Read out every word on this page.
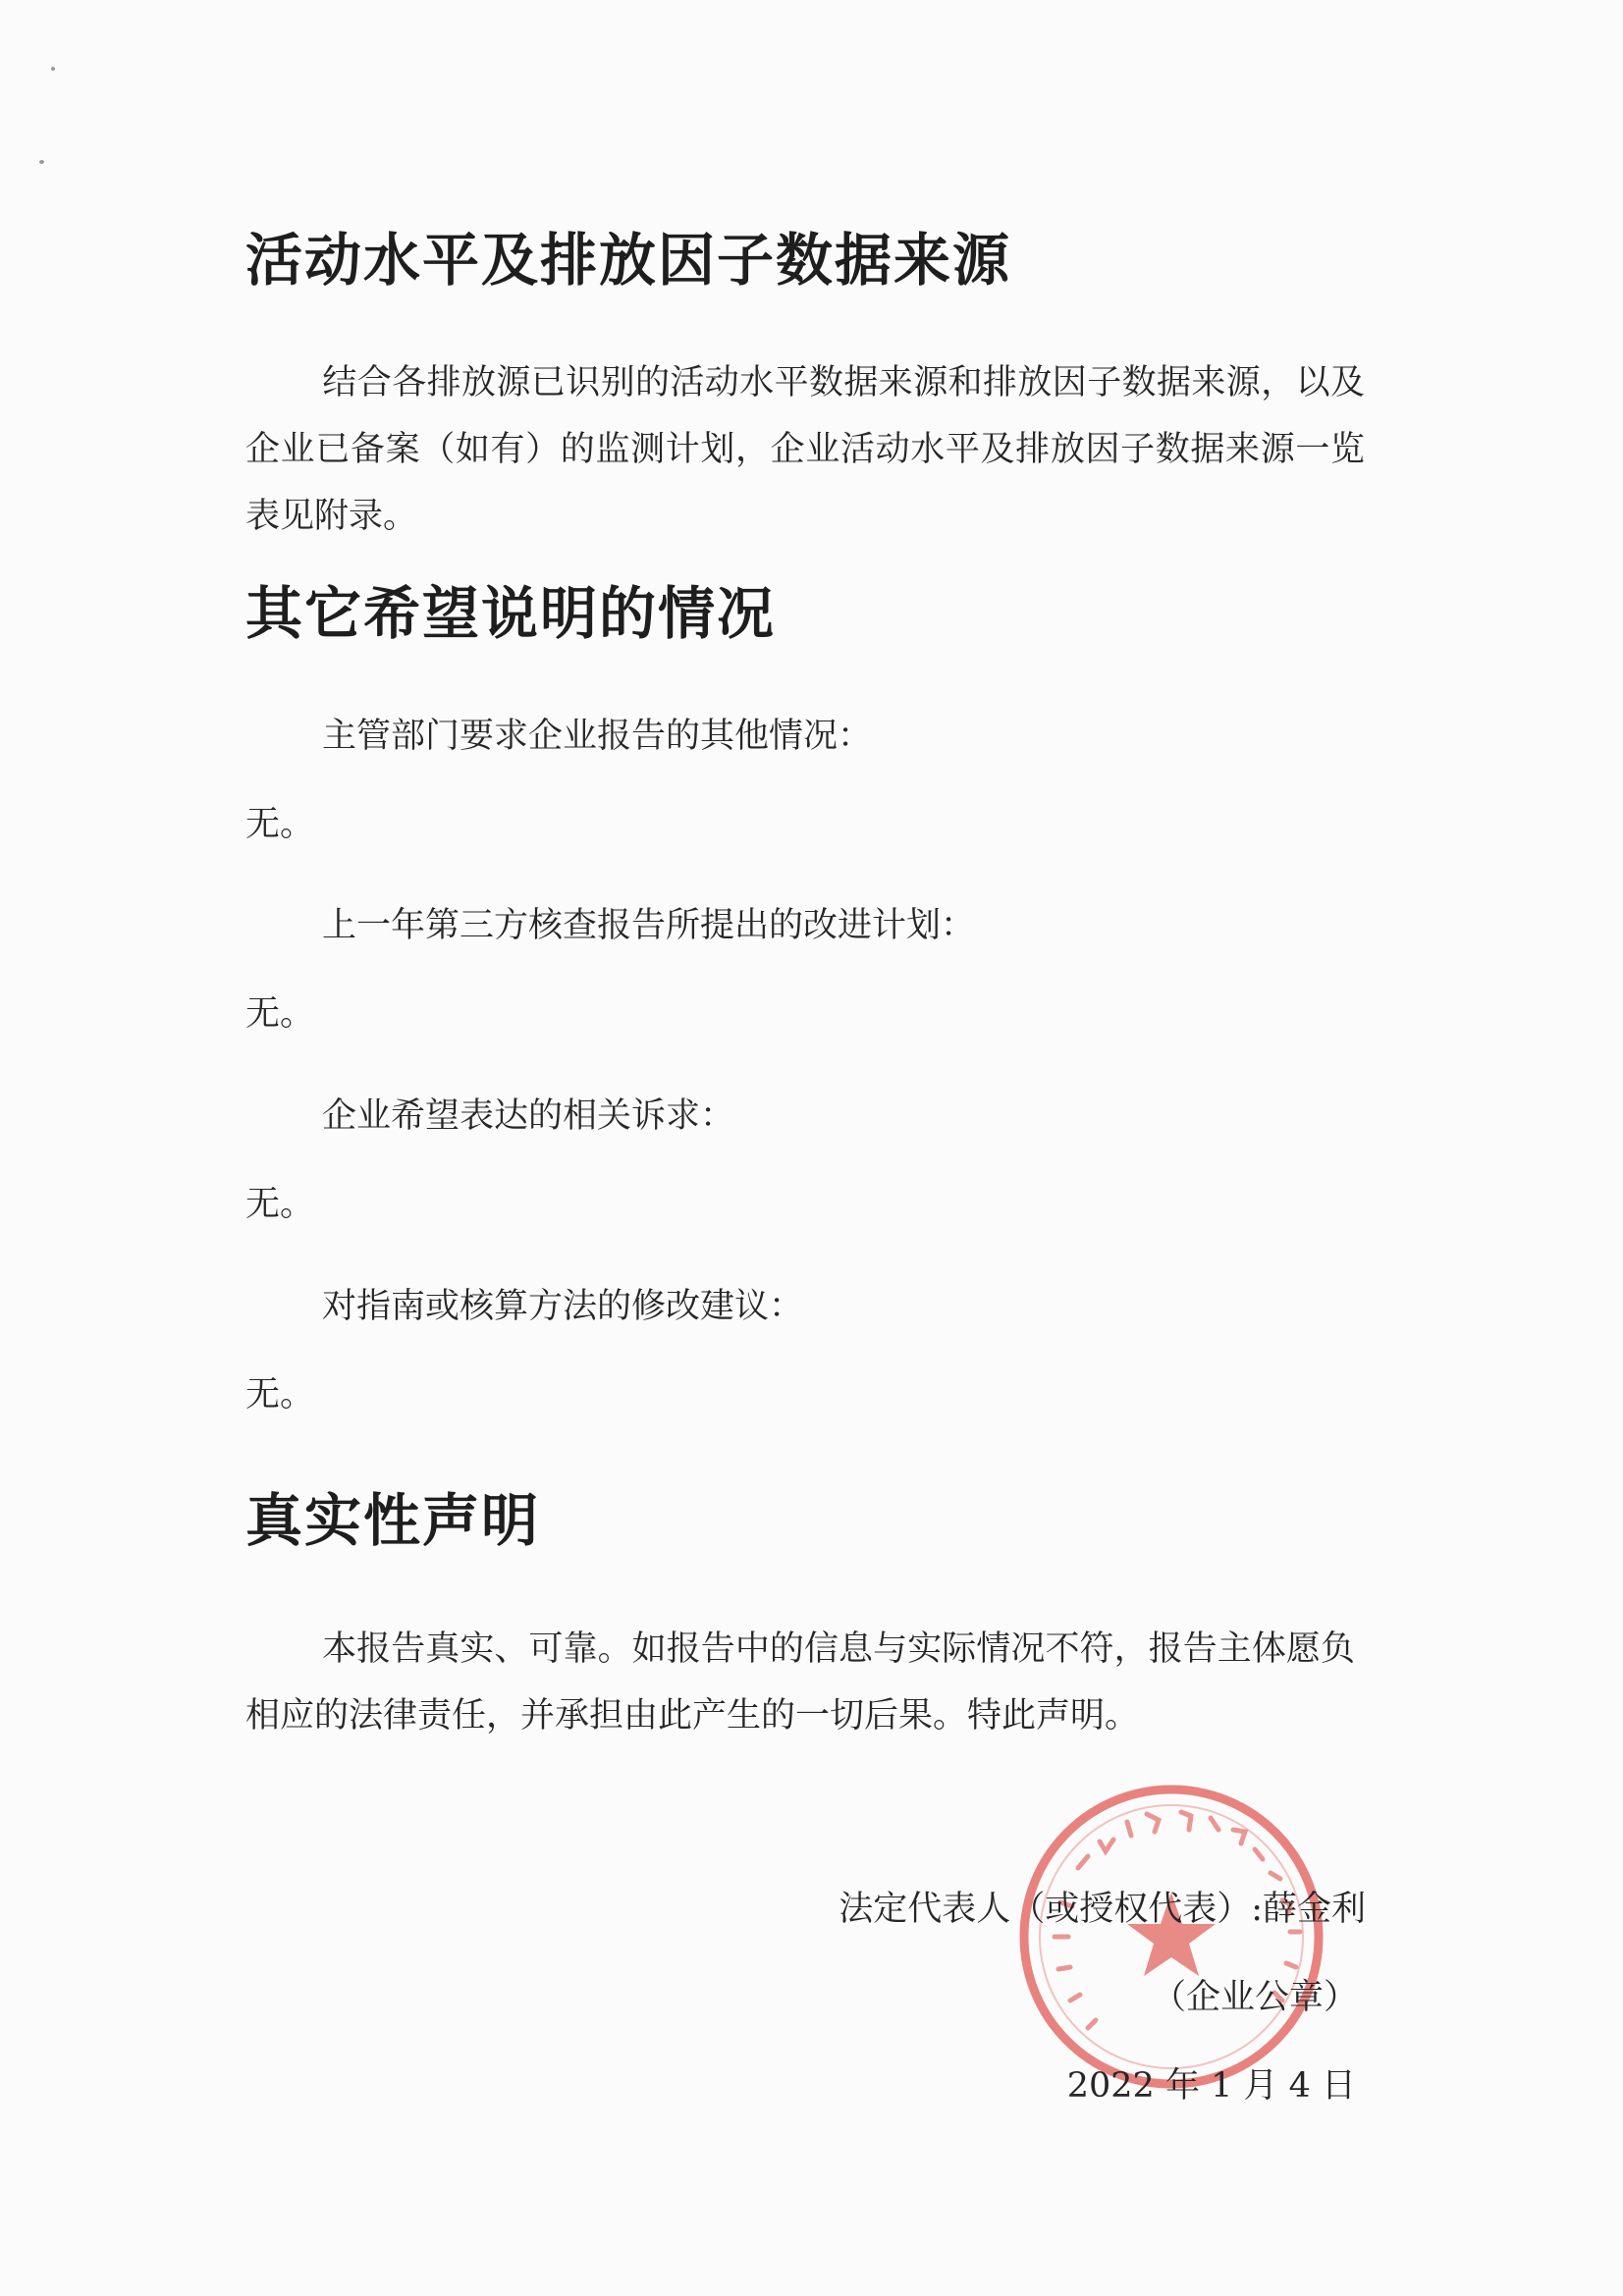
活动水平及排放因子数据来源
结合各排放源已识别的活动水平数据来源和排放因子数据来源，以及企业已备案（如有）的监测计划，企业活动水平及排放因子数据来源一览表见附录。
其它希望说明的情况
主管部门要求企业报告的其他情况：
无。
上一年第三方核查报告所提出的改进计划：
无。
企业希望表达的相关诉求：
无。
对指南或核算方法的修改建议：
无。
真实性声明
本报告真实、可靠。如报告中的信息与实际情况不符，报告主体愿负相应的法律责任，并承担由此产生的一切后果。特此声明。
法定代表人（或授权代表）:薛金利
（企业公章）
2022 年 1 月 4 日
